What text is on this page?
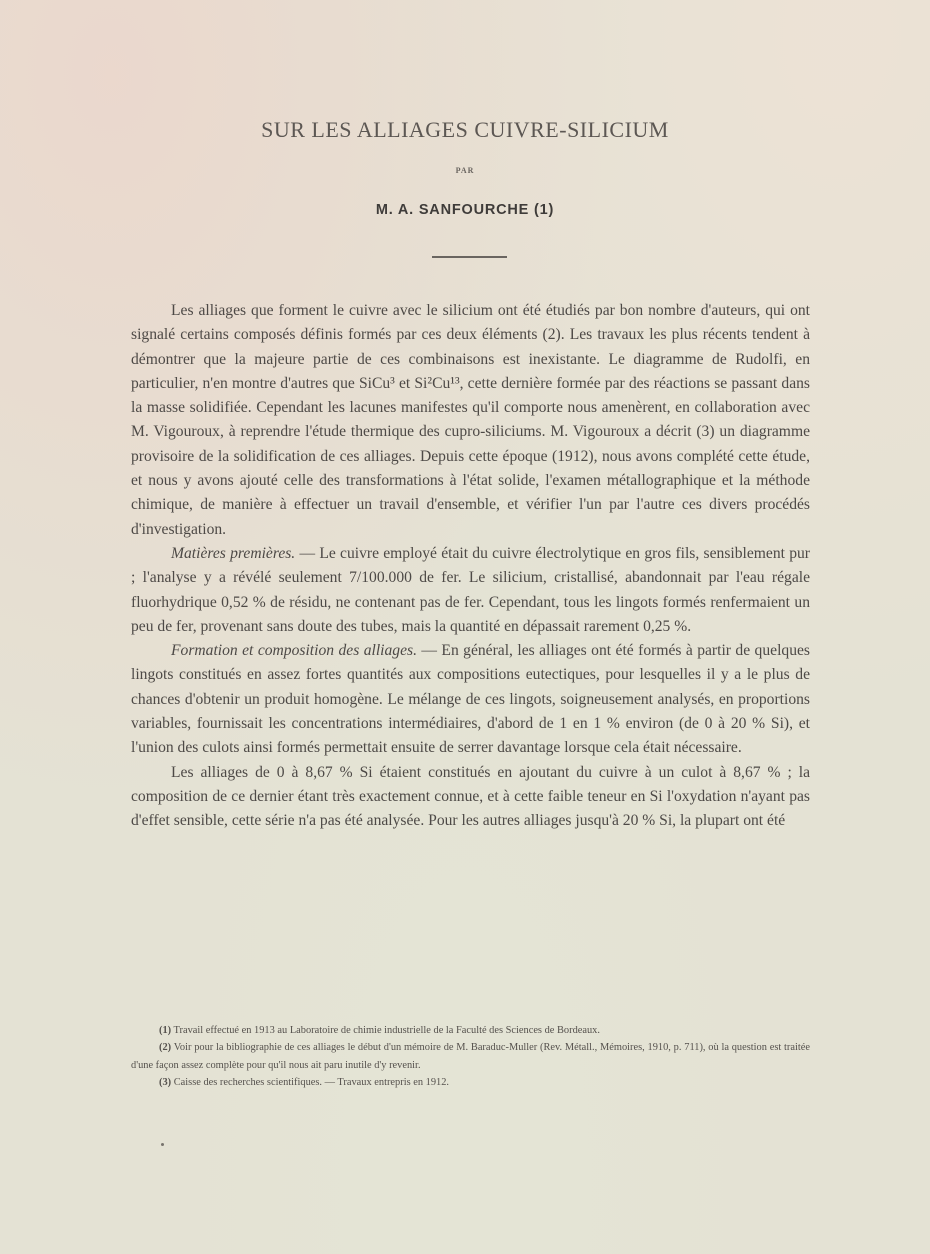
SUR LES ALLIAGES CUIVRE-SILICIUM
PAR
M. A. SANFOURCHE (1)

Les alliages que forment le cuivre avec le silicium ont été étudiés par bon nombre d'auteurs, qui ont signalé certains composés définis formés par ces deux éléments (2). Les travaux les plus récents tendent à démontrer que la majeure partie de ces combinaisons est inexistante. Le diagramme de Rudolfi, en particulier, n'en montre d'autres que SiCu³ et Si²Cu¹³, cette dernière formée par des réactions se passant dans la masse solidifiée. Cependant les lacunes manifestes qu'il comporte nous amenèrent, en collaboration avec M. Vigouroux, à reprendre l'étude thermique des cupro-siliciums. M. Vigouroux a décrit (3) un diagramme provisoire de la solidification de ces alliages. Depuis cette époque (1912), nous avons complété cette étude, et nous y avons ajouté celle des transformations à l'état solide, l'examen métallographique et la méthode chimique, de manière à effectuer un travail d'ensemble, et vérifier l'un par l'autre ces divers procédés d'investigation.

Matières premières. — Le cuivre employé était du cuivre électrolytique en gros fils, sensiblement pur ; l'analyse y a révélé seulement 7/100.000 de fer. Le silicium, cristallisé, abandonnait par l'eau régale fluorhydrique 0,52 % de résidu, ne contenant pas de fer. Cependant, tous les lingots formés renfermaient un peu de fer, provenant sans doute des tubes, mais la quantité en dépassait rarement 0,25 %.

Formation et composition des alliages. — En général, les alliages ont été formés à partir de quelques lingots constitués en assez fortes quantités aux compositions eutectiques, pour lesquelles il y a le plus de chances d'obtenir un produit homogène. Le mélange de ces lingots, soigneusement analysés, en proportions variables, fournissait les concentrations intermédiaires, d'abord de 1 en 1 % environ (de 0 à 20 % Si), et l'union des culots ainsi formés permettait ensuite de serrer davantage lorsque cela était nécessaire.

Les alliages de 0 à 8,67 % Si étaient constitués en ajoutant du cuivre à un culot à 8,67 % ; la composition de ce dernier étant très exactement connue, et à cette faible teneur en Si l'oxydation n'ayant pas d'effet sensible, cette série n'a pas été analysée. Pour les autres alliages jusqu'à 20 % Si, la plupart ont été

(1) Travail effectué en 1913 au Laboratoire de chimie industrielle de la Faculté des Sciences de Bordeaux.

(2) Voir pour la bibliographie de ces alliages le début d'un mémoire de M. Baraduc-Muller (Rev. Métall., Mémoires, 1910, p. 711), où la question est traitée d'une façon assez complète pour qu'il nous ait paru inutile d'y revenir.

(3) Caisse des recherches scientifiques. — Travaux entrepris en 1912.
